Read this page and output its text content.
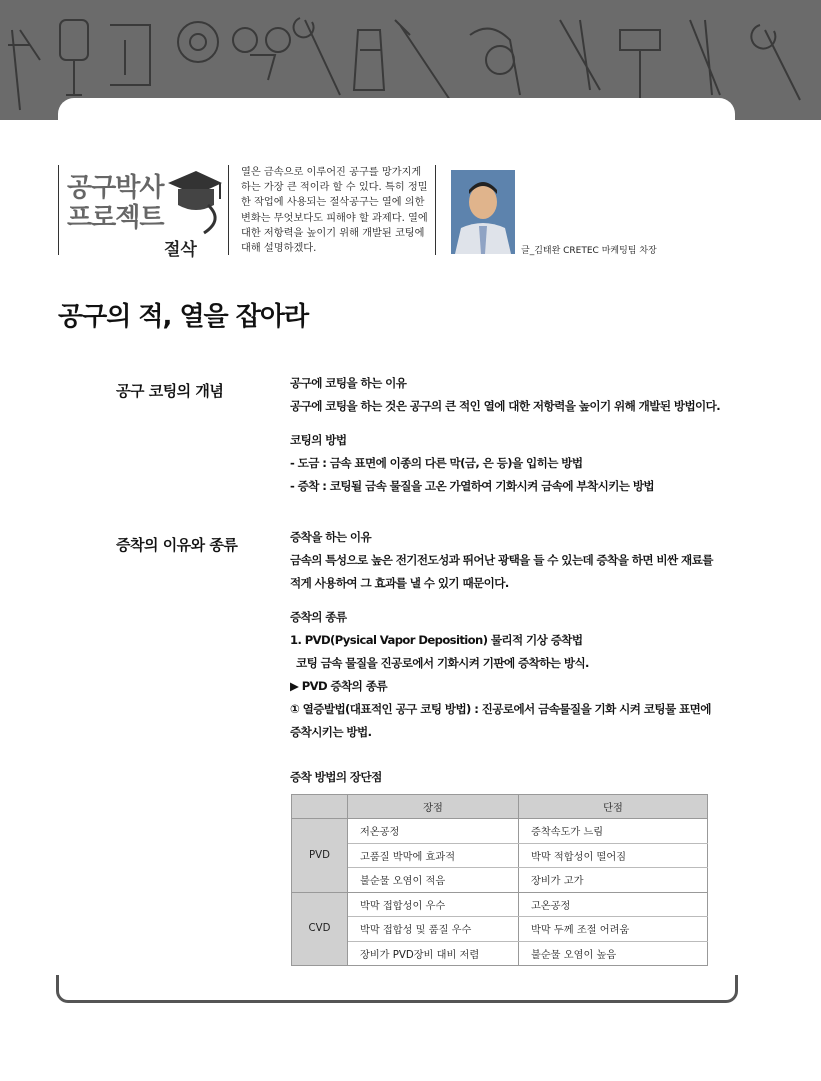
공구박사
프로젝트
절삭
열은 금속으로 이루어진 공구를 망가지게 하는 가장 큰 적이라 할 수 있다. 특히 정밀한 작업에 사용되는 절삭공구는 열에 의한 변화는 무엇보다도 피해야 할 과제다. 열에 대한 저항력을 높이기 위해 개발된 코팅에 대해 설명하겠다.	글_김태완 CRETEC 마케팅팀 차장
공구의 적, 열을 잡아라
공구 코팅의 개념	공구에 코팅을 하는 이유

공구에 코팅을 하는 것은 공구의 큰 적인 열에 대한 저항력을 높이기 위해 개발된 방법이다.

코팅의 방법

- 도금 : 금속 표면에 이종의 다른 막(금, 은 등)을 입히는 방법

- 증착 : 코팅될 금속 물질을 고온 가열하여 기화시켜 금속에 부착시키는 방법

증착의 이유와 종류	증착을 하는 이유

금속의 특성으로 높은 전기전도성과 뛰어난 광택을 들 수 있는데 증착을 하면 비싼 재료를

적게 사용하여 그 효과를 낼 수 있기 때문이다.

증착의 종류

1. PVD(Pysical Vapor Deposition) 물리적 기상 증착법

코팅 금속 물질을 진공로에서 기화시켜 기판에 증착하는 방식.

▶ PVD 증착의 종류

① 열증발법(대표적인 공구 코팅 방법) : 진공로에서 금속물질을 기화 시켜 코팅물 표면에

증착시키는 방법.

증착 방법의 장단점
	장점	단점
PVD	저온공정	증착속도가 느림
	고품질 박막에 효과적	박막 적합성이 떨어짐
	불순물 오염이 적음	장비가 고가
CVD	박막 접합성이 우수	고온공정
	박막 접합성 및 품질 우수	박막 두께 조절 어려움
	장비가 PVD장비 대비 저렴	불순물 오염이 높음
